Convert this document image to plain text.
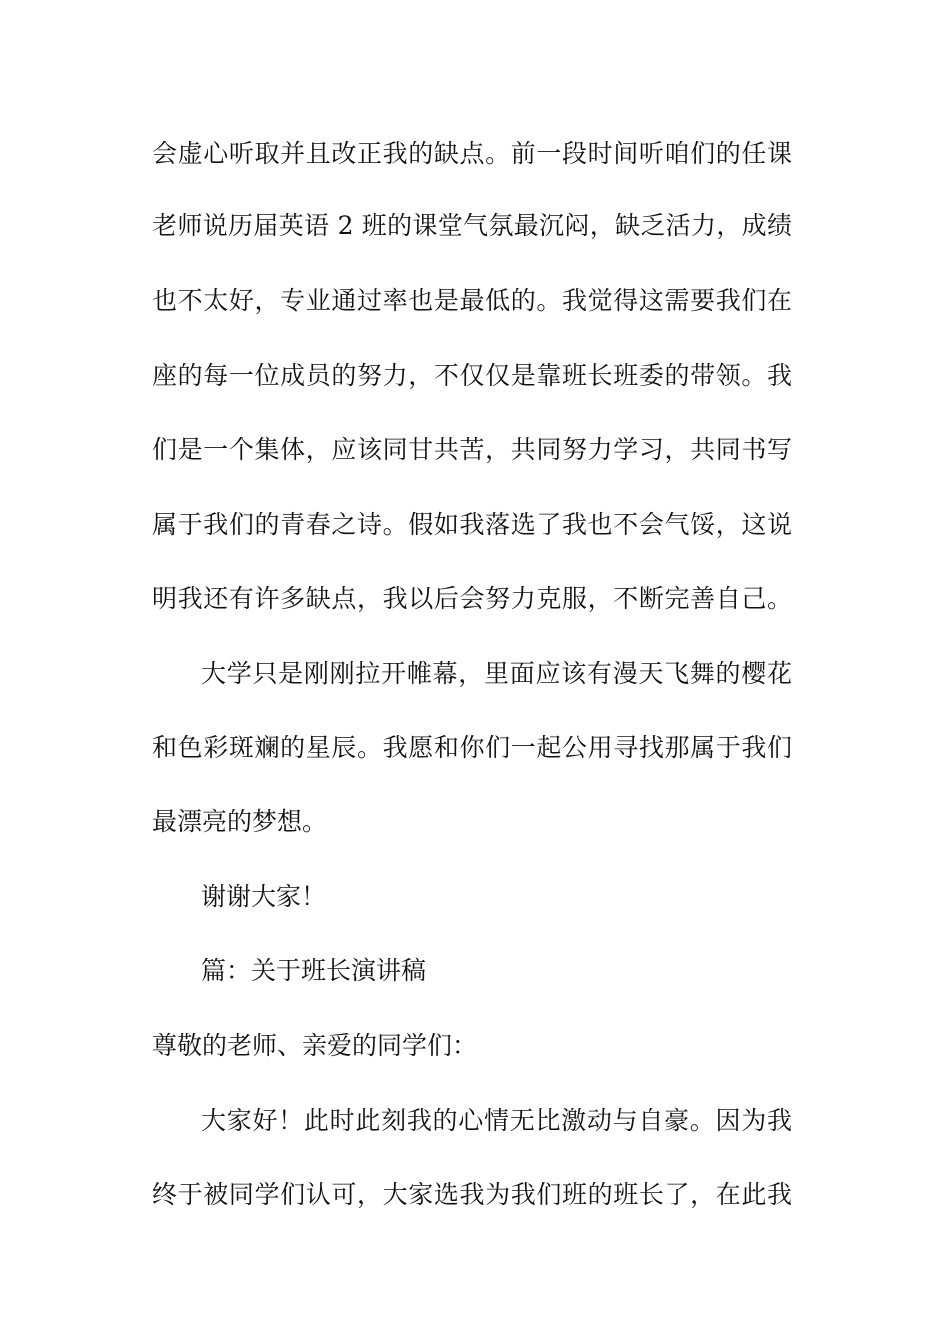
会虚心听取并且改正我的缺点。前一段时间听咱们的任课
老师说历届英语 2 班的课堂气氛最沉闷，缺乏活力，成绩
也不太好，专业通过率也是最低的。我觉得这需要我们在
座的每一位成员的努力，不仅仅是靠班长班委的带领。我
们是一个集体，应该同甘共苦，共同努力学习，共同书写
属于我们的青春之诗。假如我落选了我也不会气馁，这说
明我还有许多缺点，我以后会努力克服，不断完善自己。
大学只是刚刚拉开帷幕，里面应该有漫天飞舞的樱花
和色彩斑斓的星辰。我愿和你们一起公用寻找那属于我们
最漂亮的梦想。
谢谢大家！
篇：关于班长演讲稿
尊敬的老师、亲爱的同学们：
大家好！此时此刻我的心情无比激动与自豪。因为我
终于被同学们认可，大家选我为我们班的班长了，在此我
